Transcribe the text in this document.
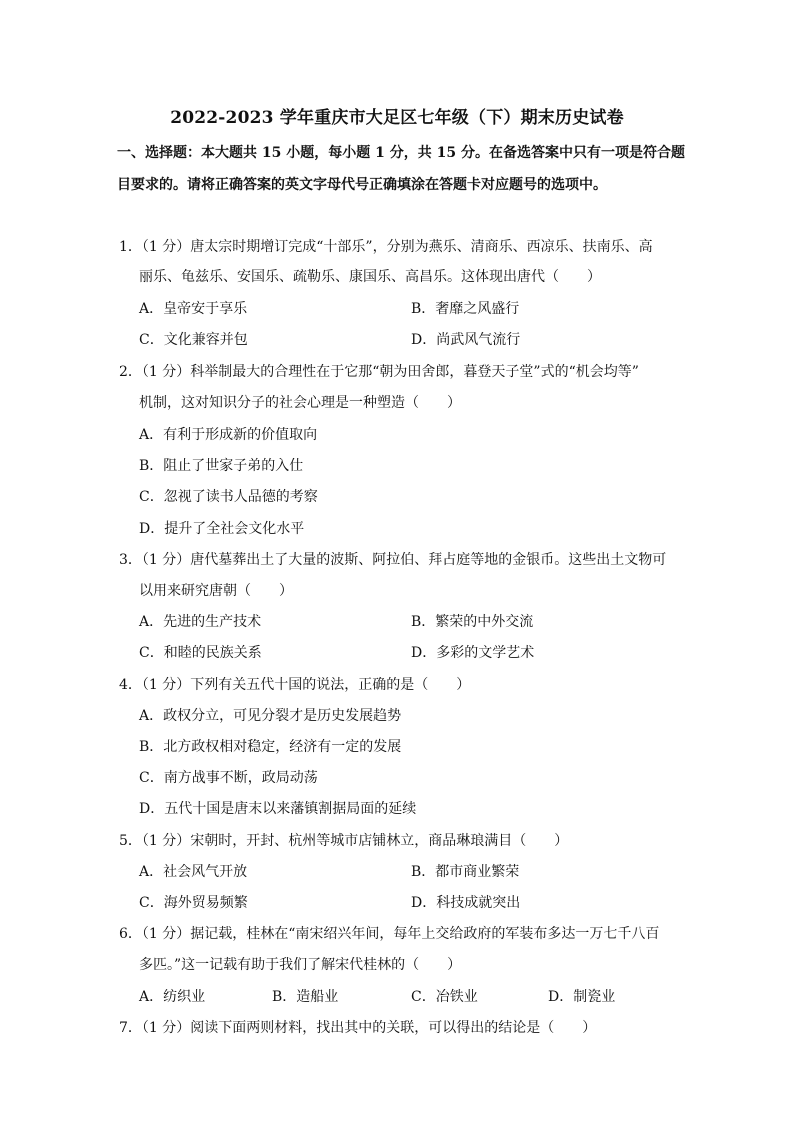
2022-2023 学年重庆市大足区七年级（下）期末历史试卷
一、选择题：本大题共 15 小题，每小题 1 分，共 15 分。在备选答案中只有一项是符合题
目要求的。请将正确答案的英文字母代号正确填涂在答题卡对应题号的选项中。
1．（1 分）唐太宗时期增订完成“十部乐”，分别为燕乐、清商乐、西凉乐、扶南乐、高
丽乐、龟兹乐、安国乐、疏勒乐、康国乐、高昌乐。这体现出唐代（　　）
A．皇帝安于享乐	B．奢靡之风盛行
C．文化兼容并包	D．尚武风气流行
2．（1 分）科举制最大的合理性在于它那“朝为田舍郎，暮登天子堂”式的“机会均等”
机制，这对知识分子的社会心理是一种塑造（　　）
A．有利于形成新的价值取向
B．阻止了世家子弟的入仕
C．忽视了读书人品德的考察
D．提升了全社会文化水平
3．（1 分）唐代墓葬出土了大量的波斯、阿拉伯、拜占庭等地的金银币。这些出土文物可
以用来研究唐朝（　　）
A．先进的生产技术	B．繁荣的中外交流
C．和睦的民族关系	D．多彩的文学艺术
4．（1 分）下列有关五代十国的说法，正确的是（　　）
A．政权分立，可见分裂才是历史发展趋势
B．北方政权相对稳定，经济有一定的发展
C．南方战事不断，政局动荡
D．五代十国是唐末以来藩镇割据局面的延续
5．（1 分）宋朝时，开封、杭州等城市店铺林立，商品琳琅满目（　　）
A．社会风气开放	B．都市商业繁荣
C．海外贸易频繁	D．科技成就突出
6．（1 分）据记载，桂林在“南宋绍兴年间，每年上交给政府的军装布多达一万七千八百
多匹。”这一记载有助于我们了解宋代桂林的（　　）
A．纺织业	B．造船业	C．冶铁业	D．制瓷业
7．（1 分）阅读下面两则材料，找出其中的关联，可以得出的结论是（　　）
